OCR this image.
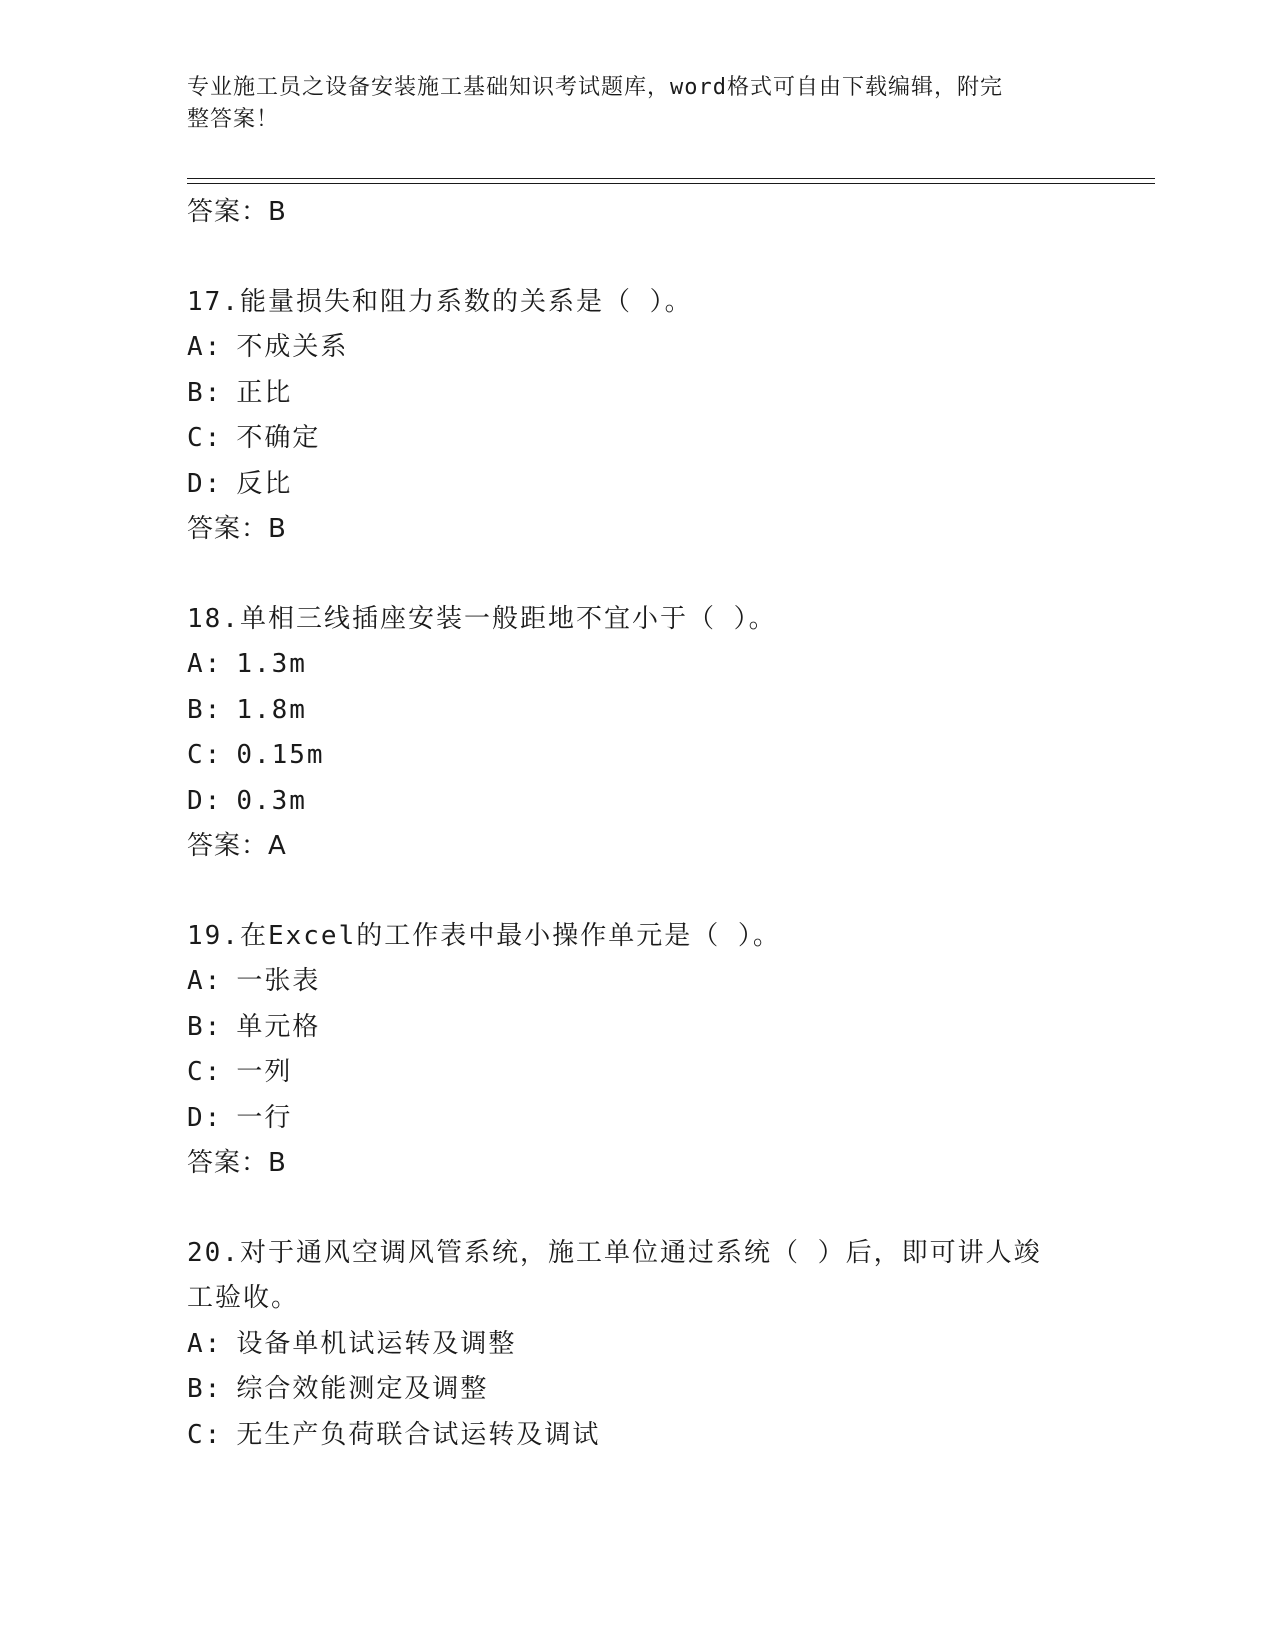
专业施工员之设备安装施工基础知识考试题库，word格式可自由下载编辑，附完
整答案！
答案：B
17.能量损失和阻力系数的关系是（ ）。
A: 不成关系
B: 正比
C: 不确定
D: 反比
答案：B
18.单相三线插座安装一般距地不宜小于（ ）。
A: 1.3m
B: 1.8m
C: 0.15m
D: 0.3m
答案：A
19.在Excel的工作表中最小操作单元是（ ）。
A: 一张表
B: 单元格
C: 一列
D: 一行
答案：B
20.对于通风空调风管系统，施工单位通过系统（ ）后，即可讲人竣
工验收。
A: 设备单机试运转及调整
B: 综合效能测定及调整
C: 无生产负荷联合试运转及调试
